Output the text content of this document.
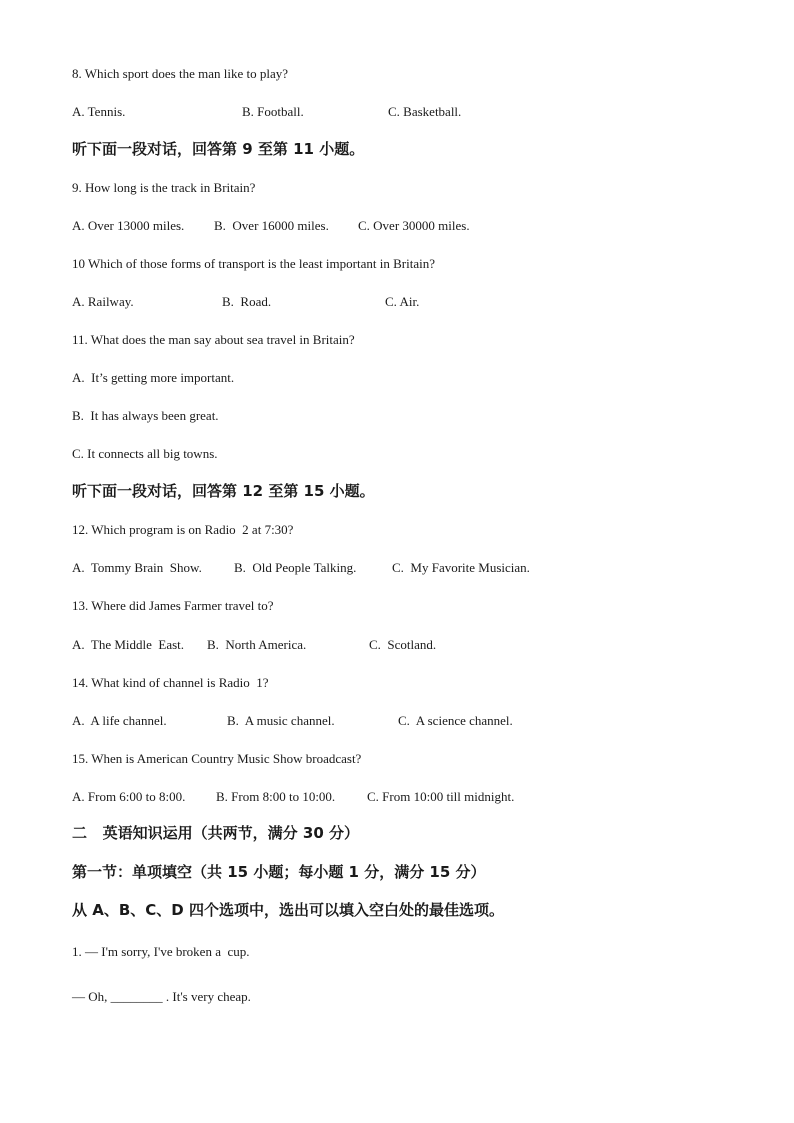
8. Which sport does the man like to play?
A. Tennis.	B. Football.	C. Basketball.
听下面一段对话，回答第 9 至第 11 小题。
9. How long is the track in Britain?
A. Over 13000 miles. B.  Over 16000 miles. C. Over 30000 miles.
10 Which of those forms of transport is the least important in Britain?
A. Railway.	B.  Road.	C. Air.
11. What does the man say about sea travel in Britain?
A.  It’s getting more important.
B.  It has always been great.
C. It connects all big towns.
听下面一段对话，回答第 12 至第 15 小题。
12. Which program is on Radio  2 at 7:30?
A.  Tommy Brain  Show. B.  Old People Talking.	C.  My Favorite Musician.
13. Where did James Farmer travel to?
A.  The Middle  East. B.  North America.	C.  Scotland.
14. What kind of channel is Radio  1?
A.  A life channel.	B.  A music channel.	C.  A science channel.
15. When is American Country Music Show broadcast?
A. From 6:00 to 8:00. B. From 8:00 to 10:00. C. From 10:00 till midnight.
二   英语知识运用（共两节，满分 30 分）
第一节：单项填空（共 15 小题；每小题 1 分，满分 15 分）
从 A、B、C、D 四个选项中，选出可以填入空白处的最佳选项。
1. — I'm sorry, I've broken a  cup.
— Oh, ________ . It's very cheap.
